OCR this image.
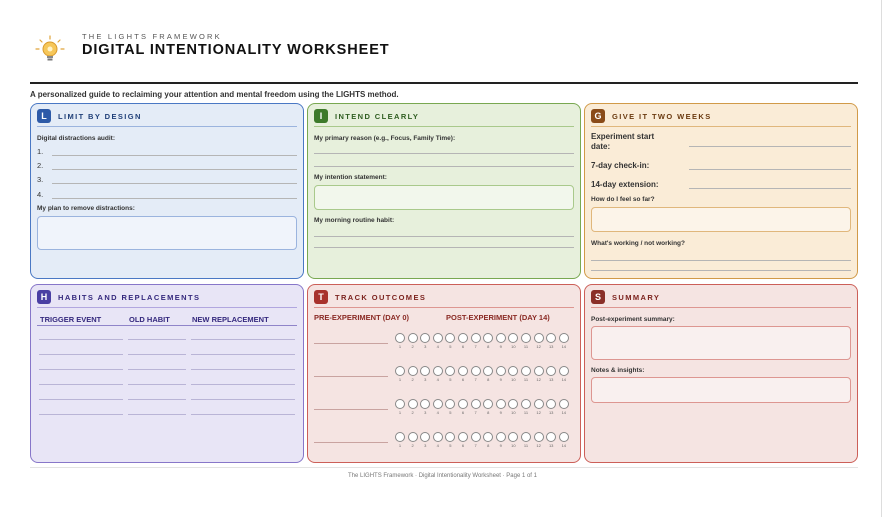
THE LIGHTS FRAMEWORK
DIGITAL INTENTIONALITY WORKSHEET
A personalized guide to reclaiming your attention and mental freedom using the LIGHTS method.
L	LIMIT BY DESIGN
Digital distractions audit:
1.
2.
3.
4.
My plan to remove distractions:
I	INTEND CLEARLY
My primary reason (e.g., Focus, Family Time):
My intention statement:
My morning routine habit:
G	GIVE IT TWO WEEKS
Experiment start date:
7-day check-in:
14-day extension:
How do I feel so far?
What's working / not working?
H	HABITS AND REPLACEMENTS
TRIGGER EVENT	OLD HABIT	NEW REPLACEMENT
T	TRACK OUTCOMES
PRE-EXPERIMENT (DAY 0)	POST-EXPERIMENT (DAY 14)
1	2	3	4	5	6	7	8	9	10	11	12	13	14
1	2	3	4	5	6	7	8	9	10	11	12	13	14
1	2	3	4	5	6	7	8	9	10	11	12	13	14
1	2	3	4	5	6	7	8	9	10	11	12	13	14
S	SUMMARY
Post-experiment summary:
Notes & insights:
The LIGHTS Framework · Digital Intentionality Worksheet · Page 1 of 1
